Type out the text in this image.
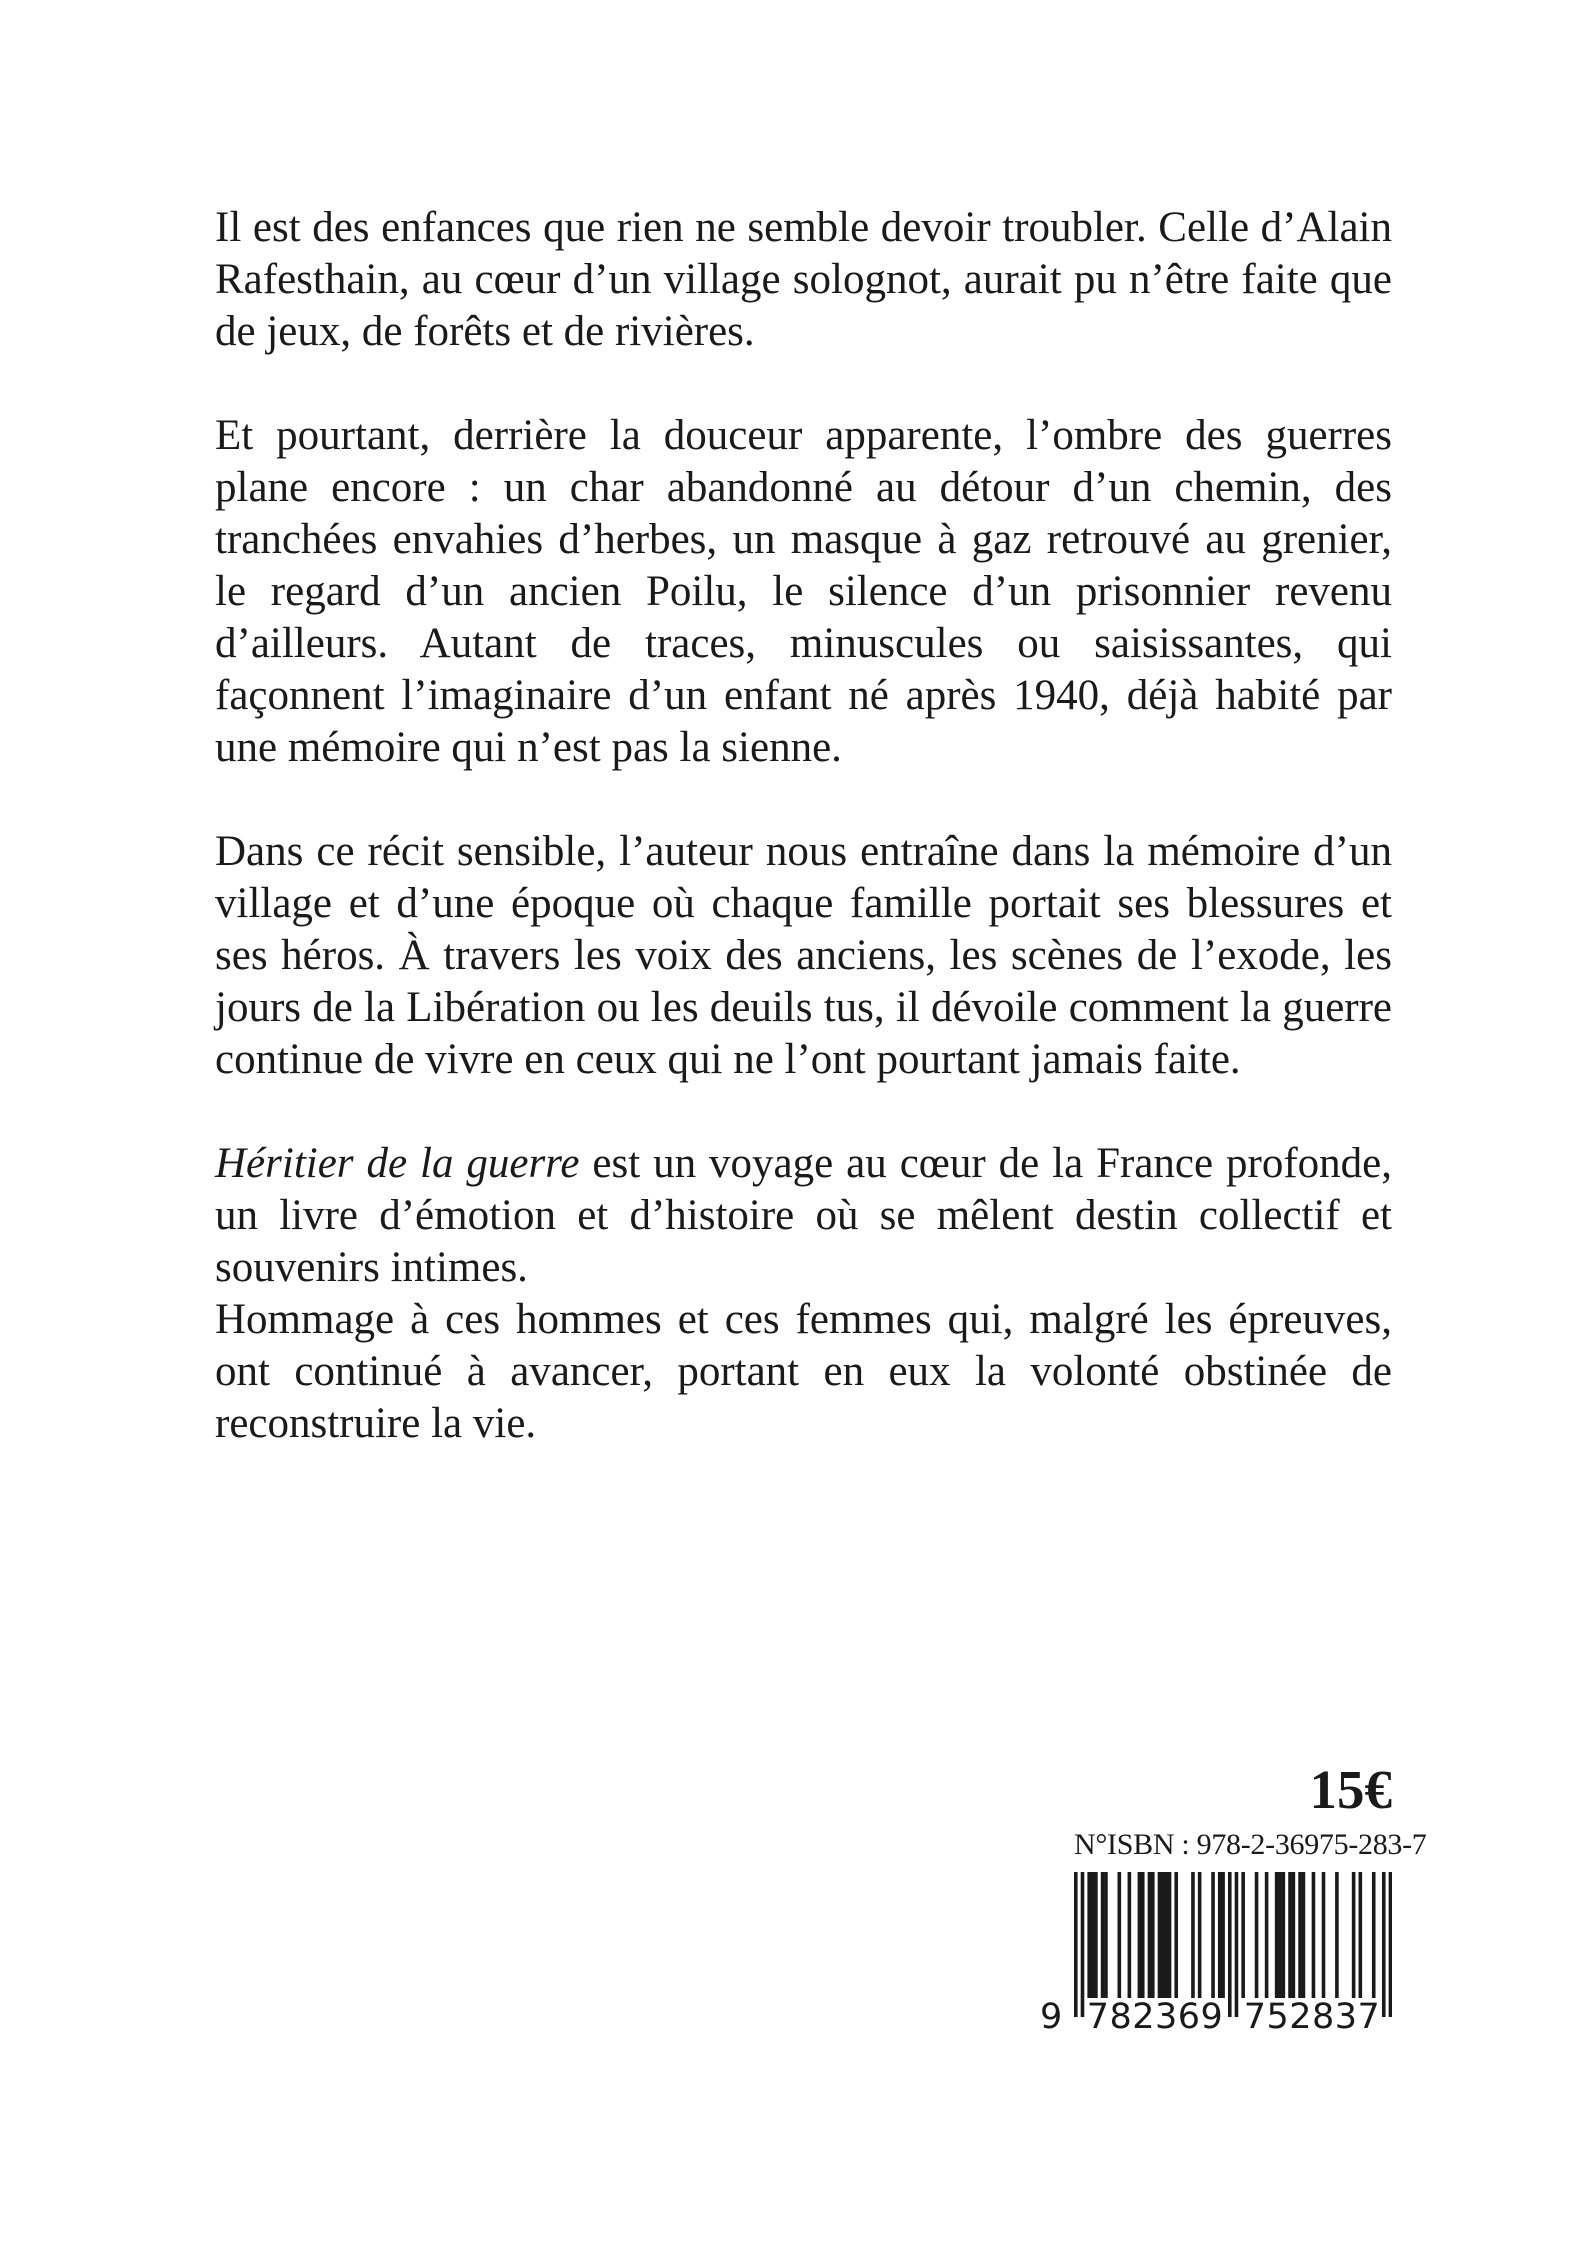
Il est des enfances que rien ne semble devoir troubler. Celle d’Alain Rafesthain, au cœur d’un village solognot, aurait pu n’être faite que de jeux, de forêts et de rivières.

Et pourtant, derrière la douceur apparente, l’ombre des guerres plane encore : un char abandonné au détour d’un chemin, des tranchées envahies d’herbes, un masque à gaz retrouvé au grenier, le regard d’un ancien Poilu, le silence d’un prisonnier revenu d’ailleurs. Autant de traces, minuscules ou saisissantes, qui façonnent l’imaginaire d’un enfant né après 1940, déjà habité par une mémoire qui n’est pas la sienne.

Dans ce récit sensible, l’auteur nous entraîne dans la mémoire d’un village et d’une époque où chaque famille portait ses blessures et ses héros. À travers les voix des anciens, les scènes de l’exode, les jours de la Libération ou les deuils tus, il dévoile comment la guerre continue de vivre en ceux qui ne l’ont pourtant jamais faite.

Héritier de la guerre est un voyage au cœur de la France profonde, un livre d’émotion et d’histoire où se mêlent destin collectif et souvenirs intimes.
Hommage à ces hommes et ces femmes qui, malgré les épreuves, ont continué à avancer, portant en eux la volonté obstinée de reconstruire la vie.

15€
N°ISBN : 978-2-36975-283-7
9 782369 752837
